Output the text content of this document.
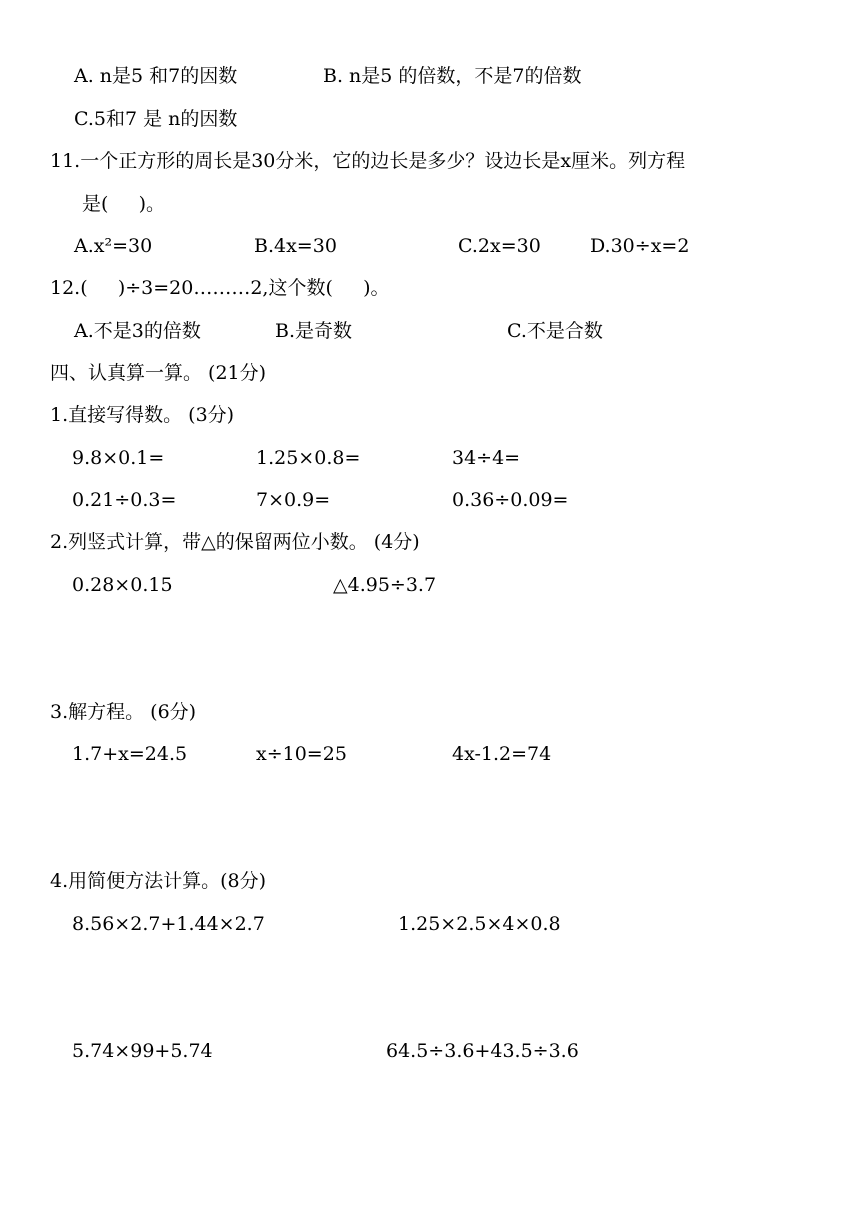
A. n是5 和7的因数	B. n是5 的倍数，不是7的倍数
C.5和7 是 n的因数
11.一个正方形的周长是30分米，它的边长是多少？设边长是x厘米。列方程
是(     )。
A.x²=30	B.4x=30	C.2x=30	D.30÷x=2
12.(     )÷3=20………2,这个数(     )。
A.不是3的倍数	B.是奇数	C.不是合数
四、认真算一算。 (21分)
1.直接写得数。 (3分)
9.8×0.1=	1.25×0.8=	34÷4=
0.21÷0.3=	7×0.9=	0.36÷0.09=
2.列竖式计算，带△的保留两位小数。 (4分)
0.28×0.15	△4.95÷3.7
3.解方程。 (6分)
1.7+x=24.5	x÷10=25	4x-1.2=74
4.用简便方法计算。(8分)
8.56×2.7+1.44×2.7	1.25×2.5×4×0.8
5.74×99+5.74	64.5÷3.6+43.5÷3.6
